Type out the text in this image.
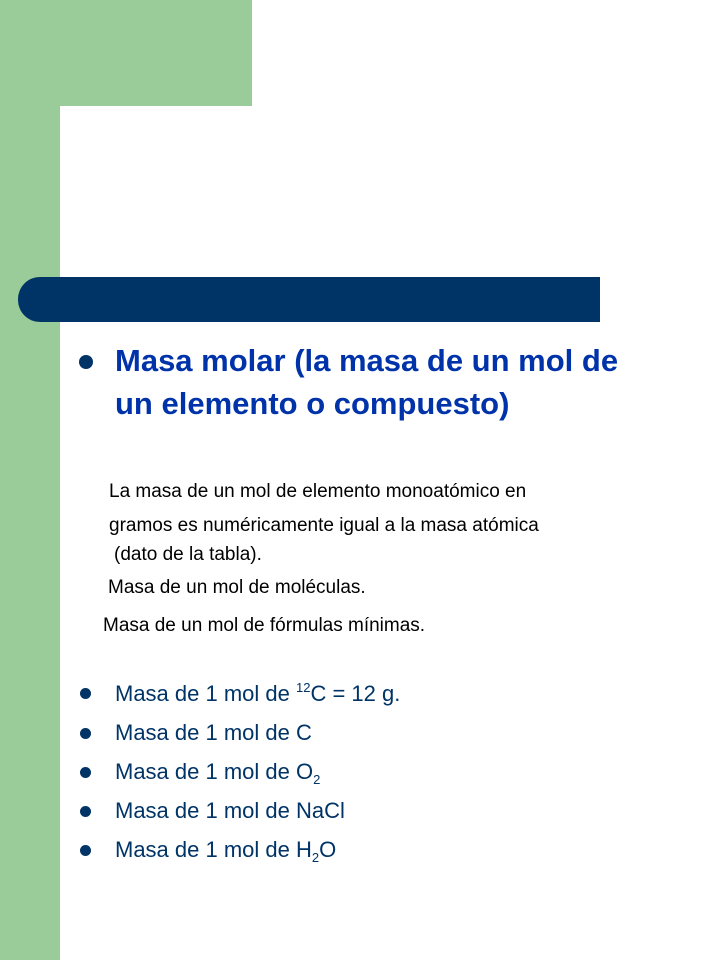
Masa molar (la masa de un mol de un elemento o compuesto)
La masa de un mol de elemento monoatómico en
gramos es numéricamente igual a la masa atómica
(dato de la tabla).
Masa de un mol de moléculas.
Masa de un mol de fórmulas mínimas.
Masa de 1 mol de $^{12}$C = 12 g.
Masa de 1 mol de C
Masa de 1 mol de $O_2$
Masa de 1 mol de NaCl
Masa de 1 mol de $H_2O$
